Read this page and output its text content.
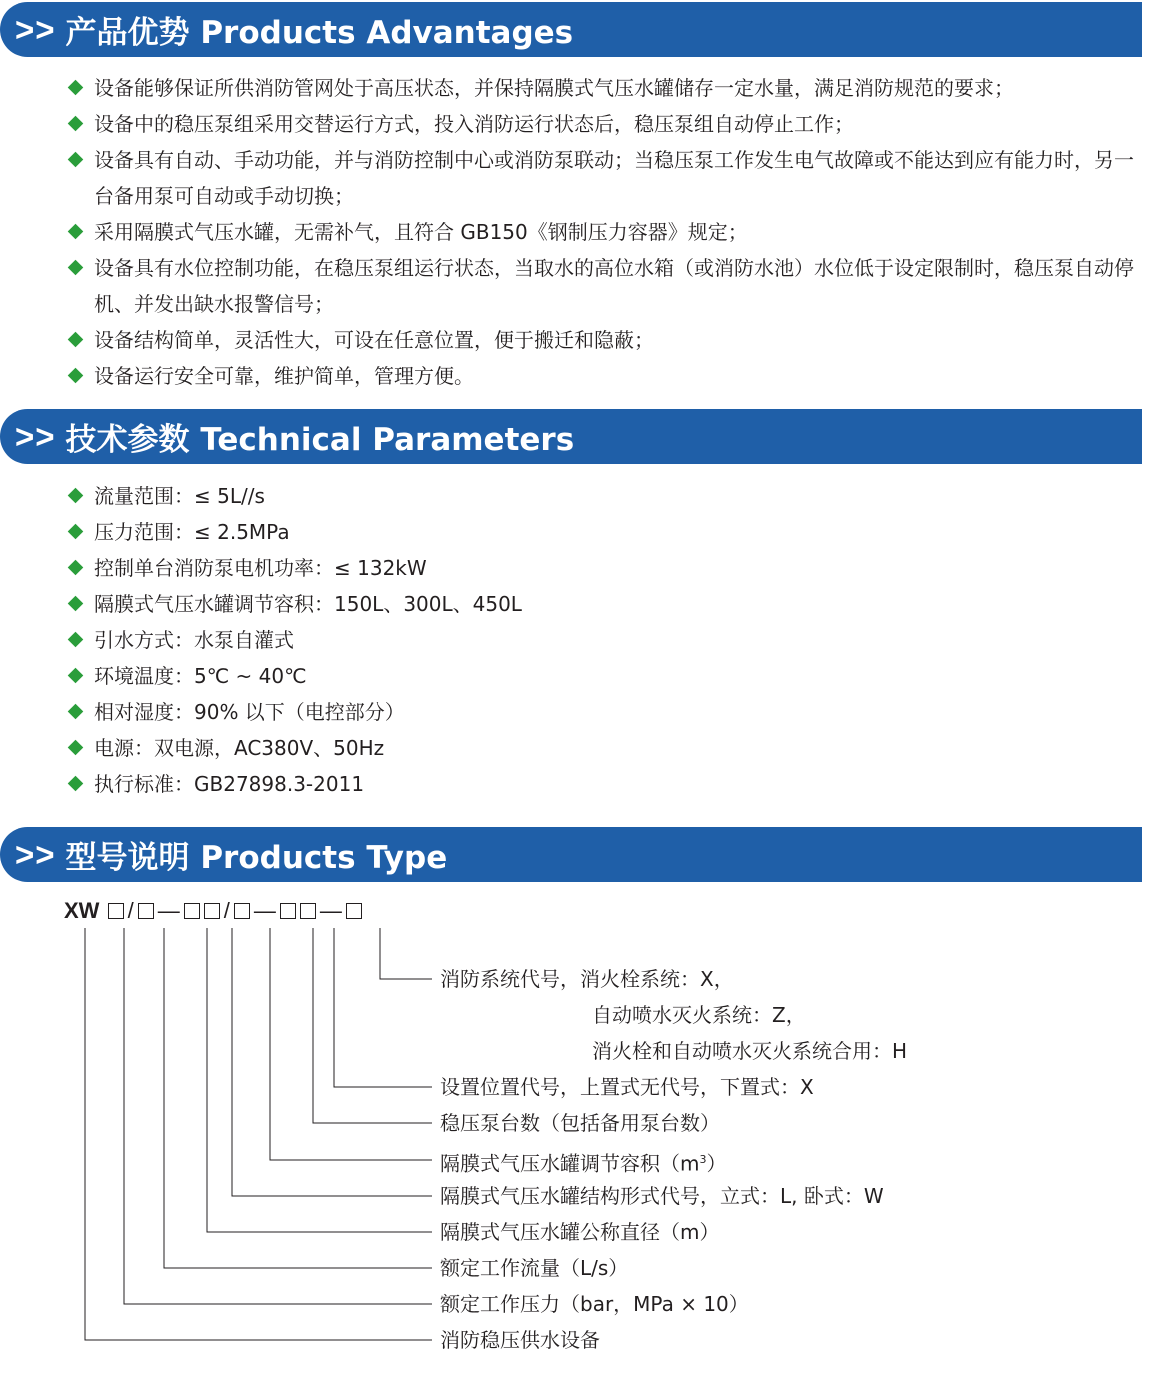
>> 产品优势 Products Advantages
设备能够保证所供消防管网处于高压状态，并保持隔膜式气压水罐储存一定水量，满足消防规范的要求；
设备中的稳压泵组采用交替运行方式，投入消防运行状态后，稳压泵组自动停止工作；
设备具有自动、手动功能，并与消防控制中心或消防泵联动；当稳压泵工作发生电气故障或不能达到应有能力时，另一台备用泵可自动或手动切换；
采用隔膜式气压水罐，无需补气，且符合 GB150《钢制压力容器》规定；
设备具有水位控制功能，在稳压泵组运行状态，当取水的高位水箱（或消防水池）水位低于设定限制时，稳压泵自动停机、并发出缺水报警信号；
设备结构简单，灵活性大，可设在任意位置，便于搬迁和隐蔽；
设备运行安全可靠，维护简单，管理方便。
>> 技术参数 Technical Parameters
流量范围：≤ 5L//s
压力范围：≤ 2.5MPa
控制单台消防泵电机功率：≤ 132kW
隔膜式气压水罐调节容积：150L、300L、450L
引水方式：水泵自灌式
环境温度：5℃ ~ 40℃
相对湿度：90% 以下（电控部分）
电源：双电源，AC380V、50Hz
执行标准：GB27898.3-2011
>> 型号说明 Products Type
XW / — / — —
消防系统代号，消火栓系统：X，
自动喷水灭火系统：Z，
消火栓和自动喷水灭火系统合用：H
设置位置代号，上置式无代号，下置式：X
稳压泵台数（包括备用泵台数）
隔膜式气压水罐调节容积$(m^3)$
隔膜式气压水罐结构形式代号，立式：L, 卧式：W
隔膜式气压水罐公称直径（m）
额定工作流量（L/s）
额定工作压力（bar，MPa × 10）
消防稳压供水设备
